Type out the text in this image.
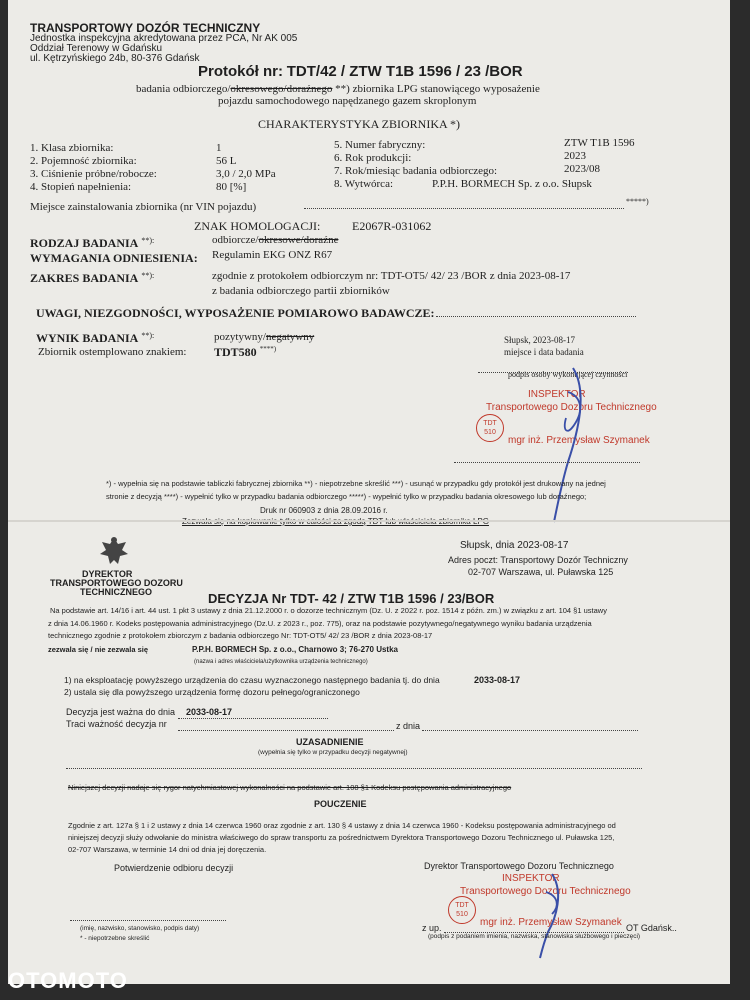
TRANSPORTOWY DOZÓR TECHNICZNY
Jednostka inspekcyjna akredytowana przez PCA, Nr AK 005
Oddział Terenowy w Gdańsku
ul. Kętrzyńskiego 24b, 80-376 Gdańsk
Protokół nr: TDT/42 / ZTW T1B 1596 / 23 /BOR
badania odbiorczego/okresowego/doraźnego **) zbiornika LPG stanowiącego wyposażenie
pojazdu samochodowego napędzanego gazem skroplonym
CHARAKTERYSTYKA ZBIORNIKA *)
1. Klasa zbiornika:	1
2. Pojemność zbiornika:	56 L
3. Ciśnienie próbne/robocze:	3,0 / 2,0 MPa
4. Stopień napełnienia:	80 [%]
5. Numer fabryczny:	ZTW T1B 1596
6. Rok produkcji:	2023
7. Rok/miesiąc badania odbiorczego:	2023/08
8. Wytwórca:	P.P.H. BORMECH Sp. z o.o. Słupsk
Miejsce zainstalowania zbiornika (nr VIN pojazdu)	*****)
ZNAK HOMOLOGACJI:	E2067R-031062
RODZAJ BADANIA **):	odbiorcze/okresowe/doraźne
WYMAGANIA ODNIESIENIA: Regulamin EKG ONZ R67
ZAKRES BADANIA **):	zgodnie z protokołem odbiorczym nr: TDT-OT5/ 42/ 23 /BOR z dnia 2023-08-17
z badania odbiorczego partii zbiorników
UWAGI, NIEZGODNOŚCI, WYPOSAŻENIE POMIAROWO BADAWCZE:
WYNIK BADANIA **):	pozytywny/negatywny
Zbiornik ostemplowano znakiem: TDT580 ****)
Słupsk, 2023-08-17
miejsce i data badania
podpis osoby wykonującej czynności
INSPEKTOR
Transportowego Dozoru Technicznego
TDT
510
mgr inż. Przemysław Szymanek
*) - wypełnia się na podstawie tabliczki fabrycznej zbiornika **) - niepotrzebne skreślić ***) - usunąć w przypadku gdy protokół jest drukowany na jednej
stronie z decyzją ****) - wypełnić tylko w przypadku badania odbiorczego *****) - wypełnić tylko w przypadku badania okresowego lub doraźnego;
Druk nr 060903 z dnia 28.09.2016 r.
DYREKTOR
TRANSPORTOWEGO DOZORU
TECHNICZNEGO
Słupsk, dnia 2023-08-17
Adres poczt: Transportowy Dozór Techniczny
02-707 Warszawa, ul. Puławska 125
DECYZJA Nr TDT- 42 / ZTW T1B 1596 / 23/BOR
Na podstawie art. 14/16 i art. 44 ust. 1 pkt 3 ustawy z dnia 21.12.2000 r. o dozorze technicznym (Dz. U. z 2022 r. poz. 1514 z późn. zm.) w związku z art. 104 §1 ustawy
z dnia 14.06.1960 r. Kodeks postępowania administracyjnego (Dz.U. z 2023 r., poz. 775), oraz na podstawie pozytywnego/negatywnego wyniku badania urządzenia
technicznego zgodnie z protokołem zbiorczym z badania odbiorczego Nr: TDT-OT5/ 42/ 23 /BOR z dnia 2023-08-17
zezwala się / nie zezwala się	P.P.H. BORMECH Sp. z o.o., Charnowo 3; 76-270 Ustka
(nazwa i adres właściciela/użytkownika urządzenia technicznego)
1) na eksploatację powyższego urządzenia do czasu wyznaczonego następnego badania tj. do dnia	2033-08-17
2) ustala się dla powyższego urządzenia formę dozoru pełnego/ograniczonego
Decyzja jest ważna do dnia 2033-08-17
Traci ważność decyzja nr	z dnia
UZASADNIENIE
(wypełnia się tylko w przypadku decyzji negatywnej)
Niniejszej decyzji nadaje się rygor natychmiastowej wykonalności na podstawie art. 108 §1 Kodeksu postępowania administracyjnego
POUCZENIE
Zgodnie z art. 127a § 1 i 2 ustawy z dnia 14 czerwca 1960 oraz zgodnie z art. 130 § 4 ustawy z dnia 14 czerwca 1960 - Kodeksu postępowania administracyjnego od
niniejszej decyzji służy odwołanie do ministra właściwego do spraw transportu za pośrednictwem Dyrektora Transportowego Dozoru Technicznego ul. Puławska 125,
02-707 Warszawa, w terminie 14 dni od dnia jej doręczenia.
Potwierdzenie odbioru decyzji	Dyrektor Transportowego Dozoru Technicznego
INSPEKTOR
Transportowego Dozoru Technicznego
TDT
510
mgr inż. Przemysław Szymanek
(imię, nazwisko, stanowisko, podpis daty)
* - niepotrzebne skreślić
z up.	OT Gdańsk..
(podpis z podaniem imienia, nazwiska, stanowiska służbowego i pieczęci)
OTOMOTO
